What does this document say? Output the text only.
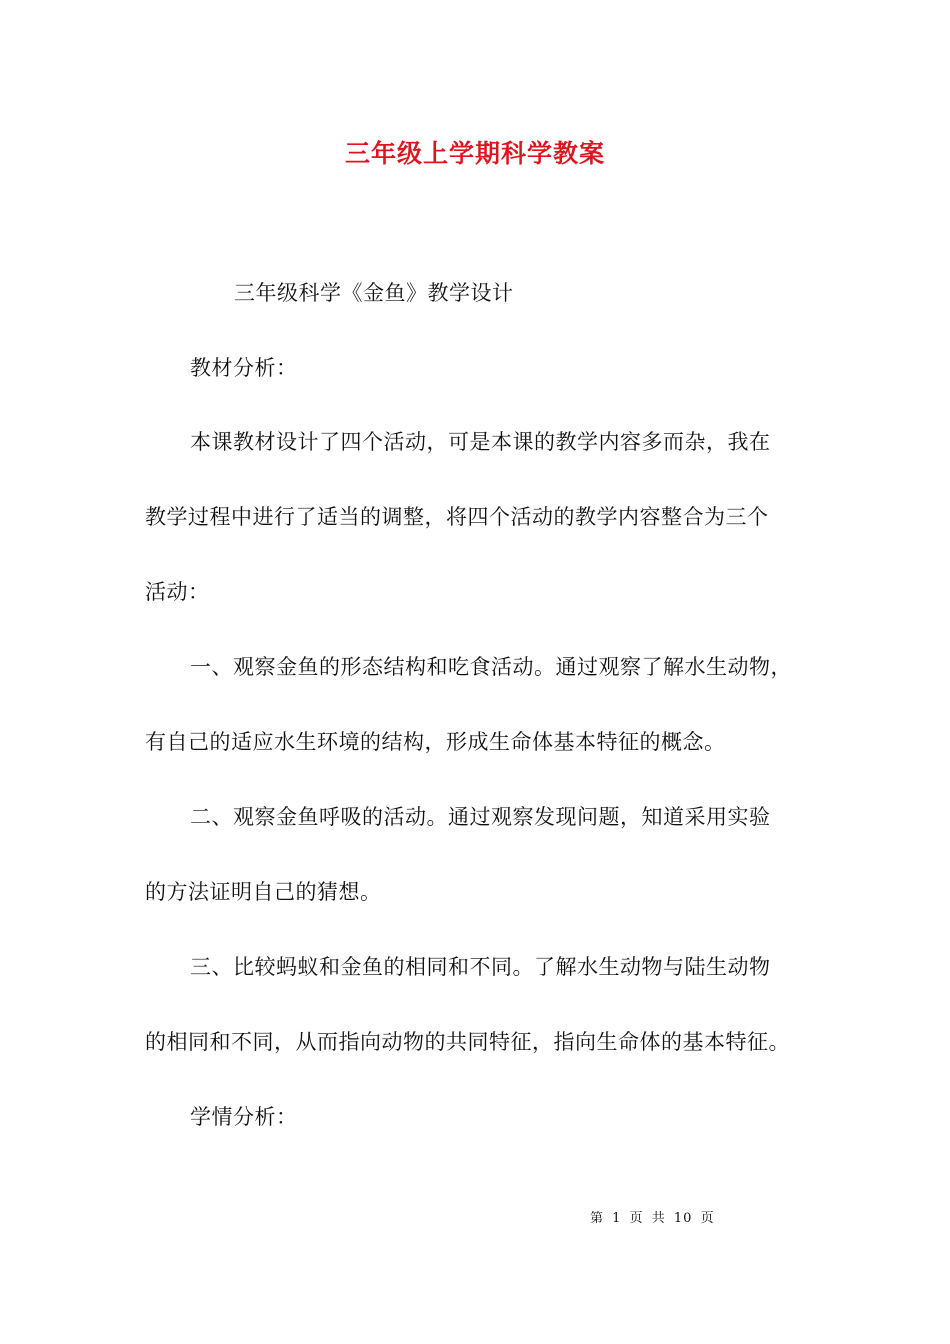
三年级上学期科学教案
三年级科学《金鱼》教学设计
教材分析：
本课教材设计了四个活动，可是本课的教学内容多而杂，我在
教学过程中进行了适当的调整，将四个活动的教学内容整合为三个
活动：
一、观察金鱼的形态结构和吃食活动。通过观察了解水生动物，
有自己的适应水生环境的结构，形成生命体基本特征的概念。
二、观察金鱼呼吸的活动。通过观察发现问题，知道采用实验
的方法证明自己的猜想。
三、比较蚂蚁和金鱼的相同和不同。了解水生动物与陆生动物
的相同和不同，从而指向动物的共同特征，指向生命体的基本特征。
学情分析：
第 1 页 共 10 页
